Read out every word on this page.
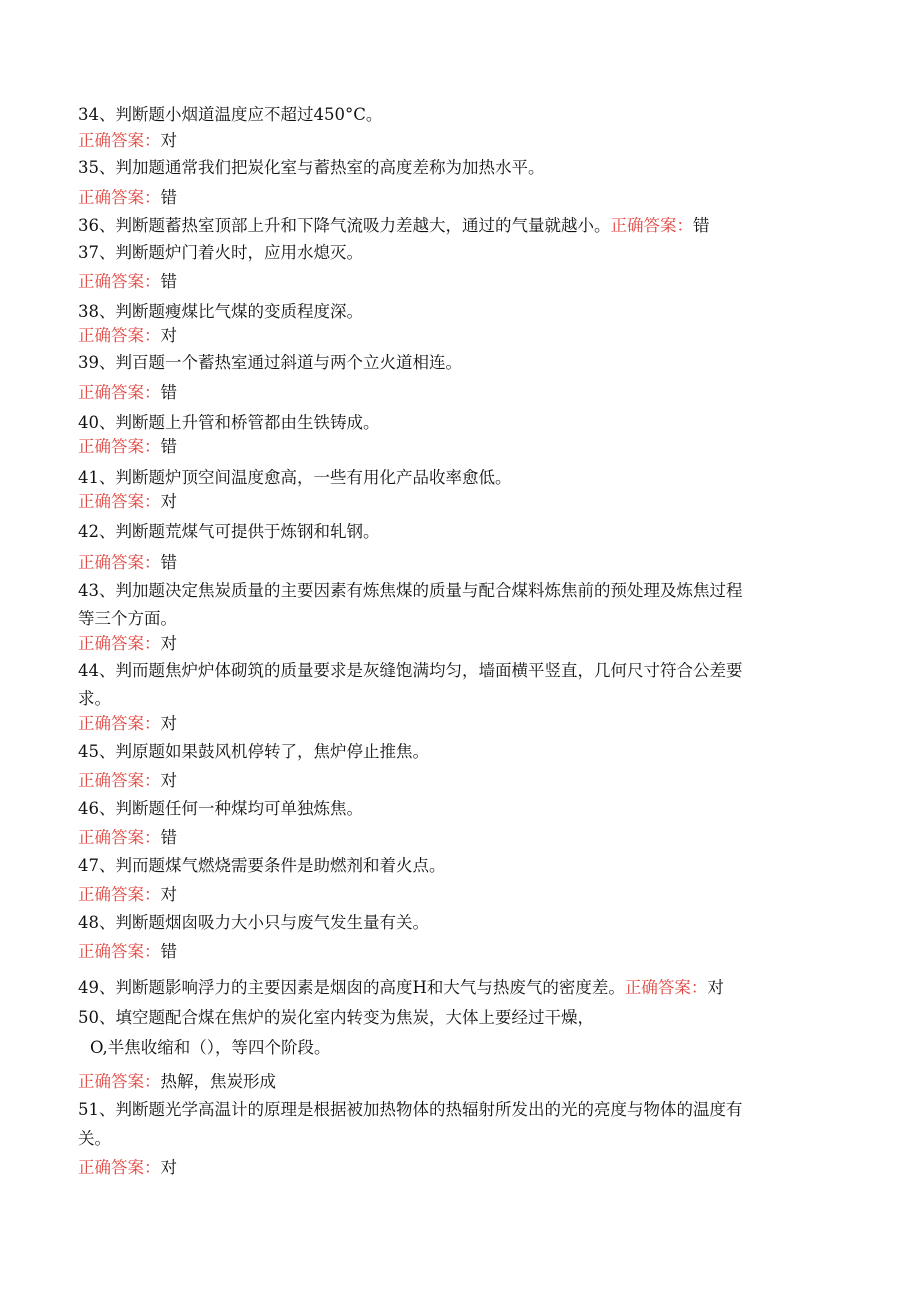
34、判断题小烟道温度应不超过450°C。
正确答案：对
35、判加题通常我们把炭化室与蓄热室的高度差称为加热水平。
正确答案：错
36、判断题蓄热室顶部上升和下降气流吸力差越大，通过的气量就越小。正确答案：错
37、判断题炉门着火时，应用水熄灭。
正确答案：错
38、判断题瘦煤比气煤的变质程度深。
正确答案：对
39、判百题一个蓄热室通过斜道与两个立火道相连。
正确答案：错
40、判断题上升管和桥管都由生铁铸成。
正确答案：错
41、判断题炉顶空间温度愈高，一些有用化产品收率愈低。
正确答案：对
42、判断题荒煤气可提供于炼钢和轧钢。
正确答案：错
43、判加题决定焦炭质量的主要因素有炼焦煤的质量与配合煤料炼焦前的预处理及炼焦过程
等三个方面。
正确答案：对
44、判而题焦炉炉体砌筑的质量要求是灰缝饱满均匀，墙面横平竖直，几何尺寸符合公差要
求。
正确答案：对
45、判原题如果鼓风机停转了，焦炉停止推焦。
正确答案：对
46、判断题任何一种煤均可单独炼焦。
正确答案：错
47、判而题煤气燃烧需要条件是助燃剂和着火点。
正确答案：对
48、判断题烟囱吸力大小只与废气发生量有关。
正确答案：错
49、判断题影响浮力的主要因素是烟囱的高度H和大气与热废气的密度差。正确答案：对
50、填空题配合煤在焦炉的炭化室内转变为焦炭，大体上要经过干燥，
O,半焦收缩和（），等四个阶段。
正确答案：热解，焦炭形成
51、判断题光学高温计的原理是根据被加热物体的热辐射所发出的光的亮度与物体的温度有
关。
正确答案：对
